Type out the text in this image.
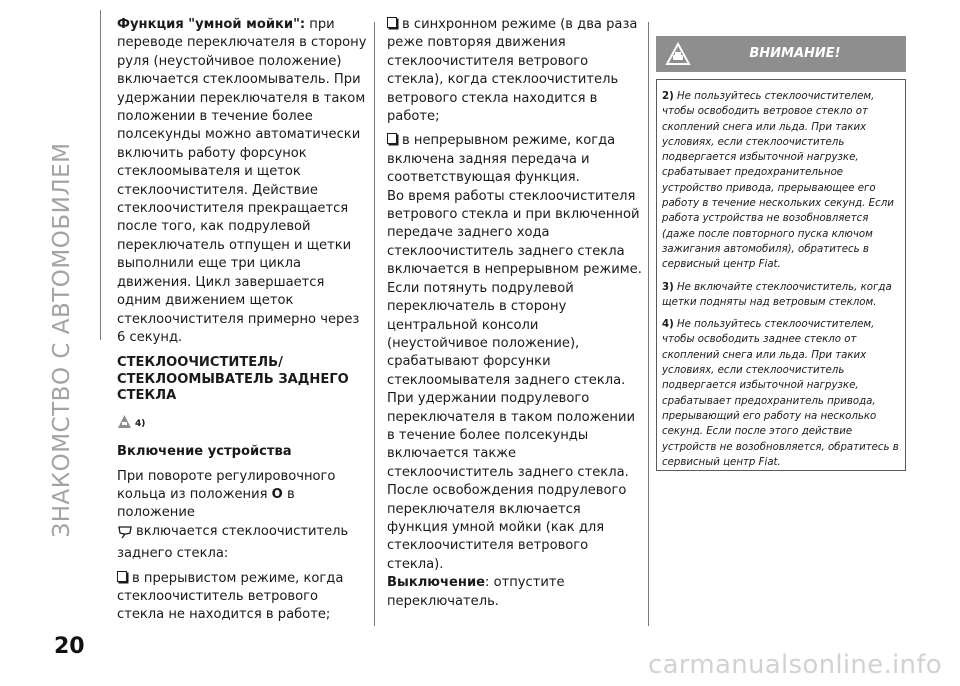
ЗНАКОМСТВО С АВТОМОБИЛЕМ

Функция "умной мойки": при переводе переключателя в сторону руля (неустойчивое положение) включается стеклоомыватель. При удержании переключателя в таком положении в течение более полсекунды можно автоматически включить работу форсунок стеклоомывателя и щеток стеклоочистителя. Действие стеклоочистителя прекращается после того, как подрулевой переключатель отпущен и щетки выполнили еще три цикла движения. Цикл завершается одним движением щеток стеклоочистителя примерно через 6 секунд.

СТЕКЛООЧИСТИТЕЛЬ/ СТЕКЛООМЫВАТЕЛЬ ЗАДНЕГО СТЕКЛА

4)

Включение устройства

При повороте регулировочного кольца из положения O в положение
включается стеклоочиститель заднего стекла:

в прерывистом режиме, когда стеклоочиститель ветрового стекла не находится в работе;

в синхронном режиме (в два раза реже повторяя движения стеклоочистителя ветрового стекла), когда стеклоочиститель ветрового стекла находится в работе;

в непрерывном режиме, когда включена задняя передача и соответствующая функция.

Во время работы стеклоочистителя ветрового стекла и при включенной передаче заднего хода стеклоочиститель заднего стекла включается в непрерывном режиме. Если потянуть подрулевой переключатель в сторону центральной консоли (неустойчивое положение), срабатывают форсунки стеклоомывателя заднего стекла. При удержании подрулевого переключателя в таком положении в течение более полсекунды включается также стеклоочиститель заднего стекла. После освобождения подрулевого переключателя включается функция умной мойки (как для стеклоочистителя ветрового стекла).

Выключение: отпустите переключатель.

ВНИМАНИЕ!

2) Не пользуйтесь стеклоочистителем, чтобы освободить ветровое стекло от скоплений снега или льда. При таких условиях, если стеклоочиститель подвергается избыточной нагрузке, срабатывает предохранительное устройство привода, прерывающее его работу в течение нескольких секунд. Если работа устройства не возобновляется (даже после повторного пуска ключом зажигания автомобиля), обратитесь в сервисный центр Fiat.

3) Не включайте стеклоочиститель, когда щетки подняты над ветровым стеклом.

4) Не пользуйтесь стеклоочистителем, чтобы освободить заднее стекло от скоплений снега или льда. При таких условиях, если стеклоочиститель подвергается избыточной нагрузке, срабатывает предохранитель привода, прерывающий его работу на несколько секунд. Если после этого действие устройств не возобновляется, обратитесь в сервисный центр Fiat.

20
carmanualsonline.info
